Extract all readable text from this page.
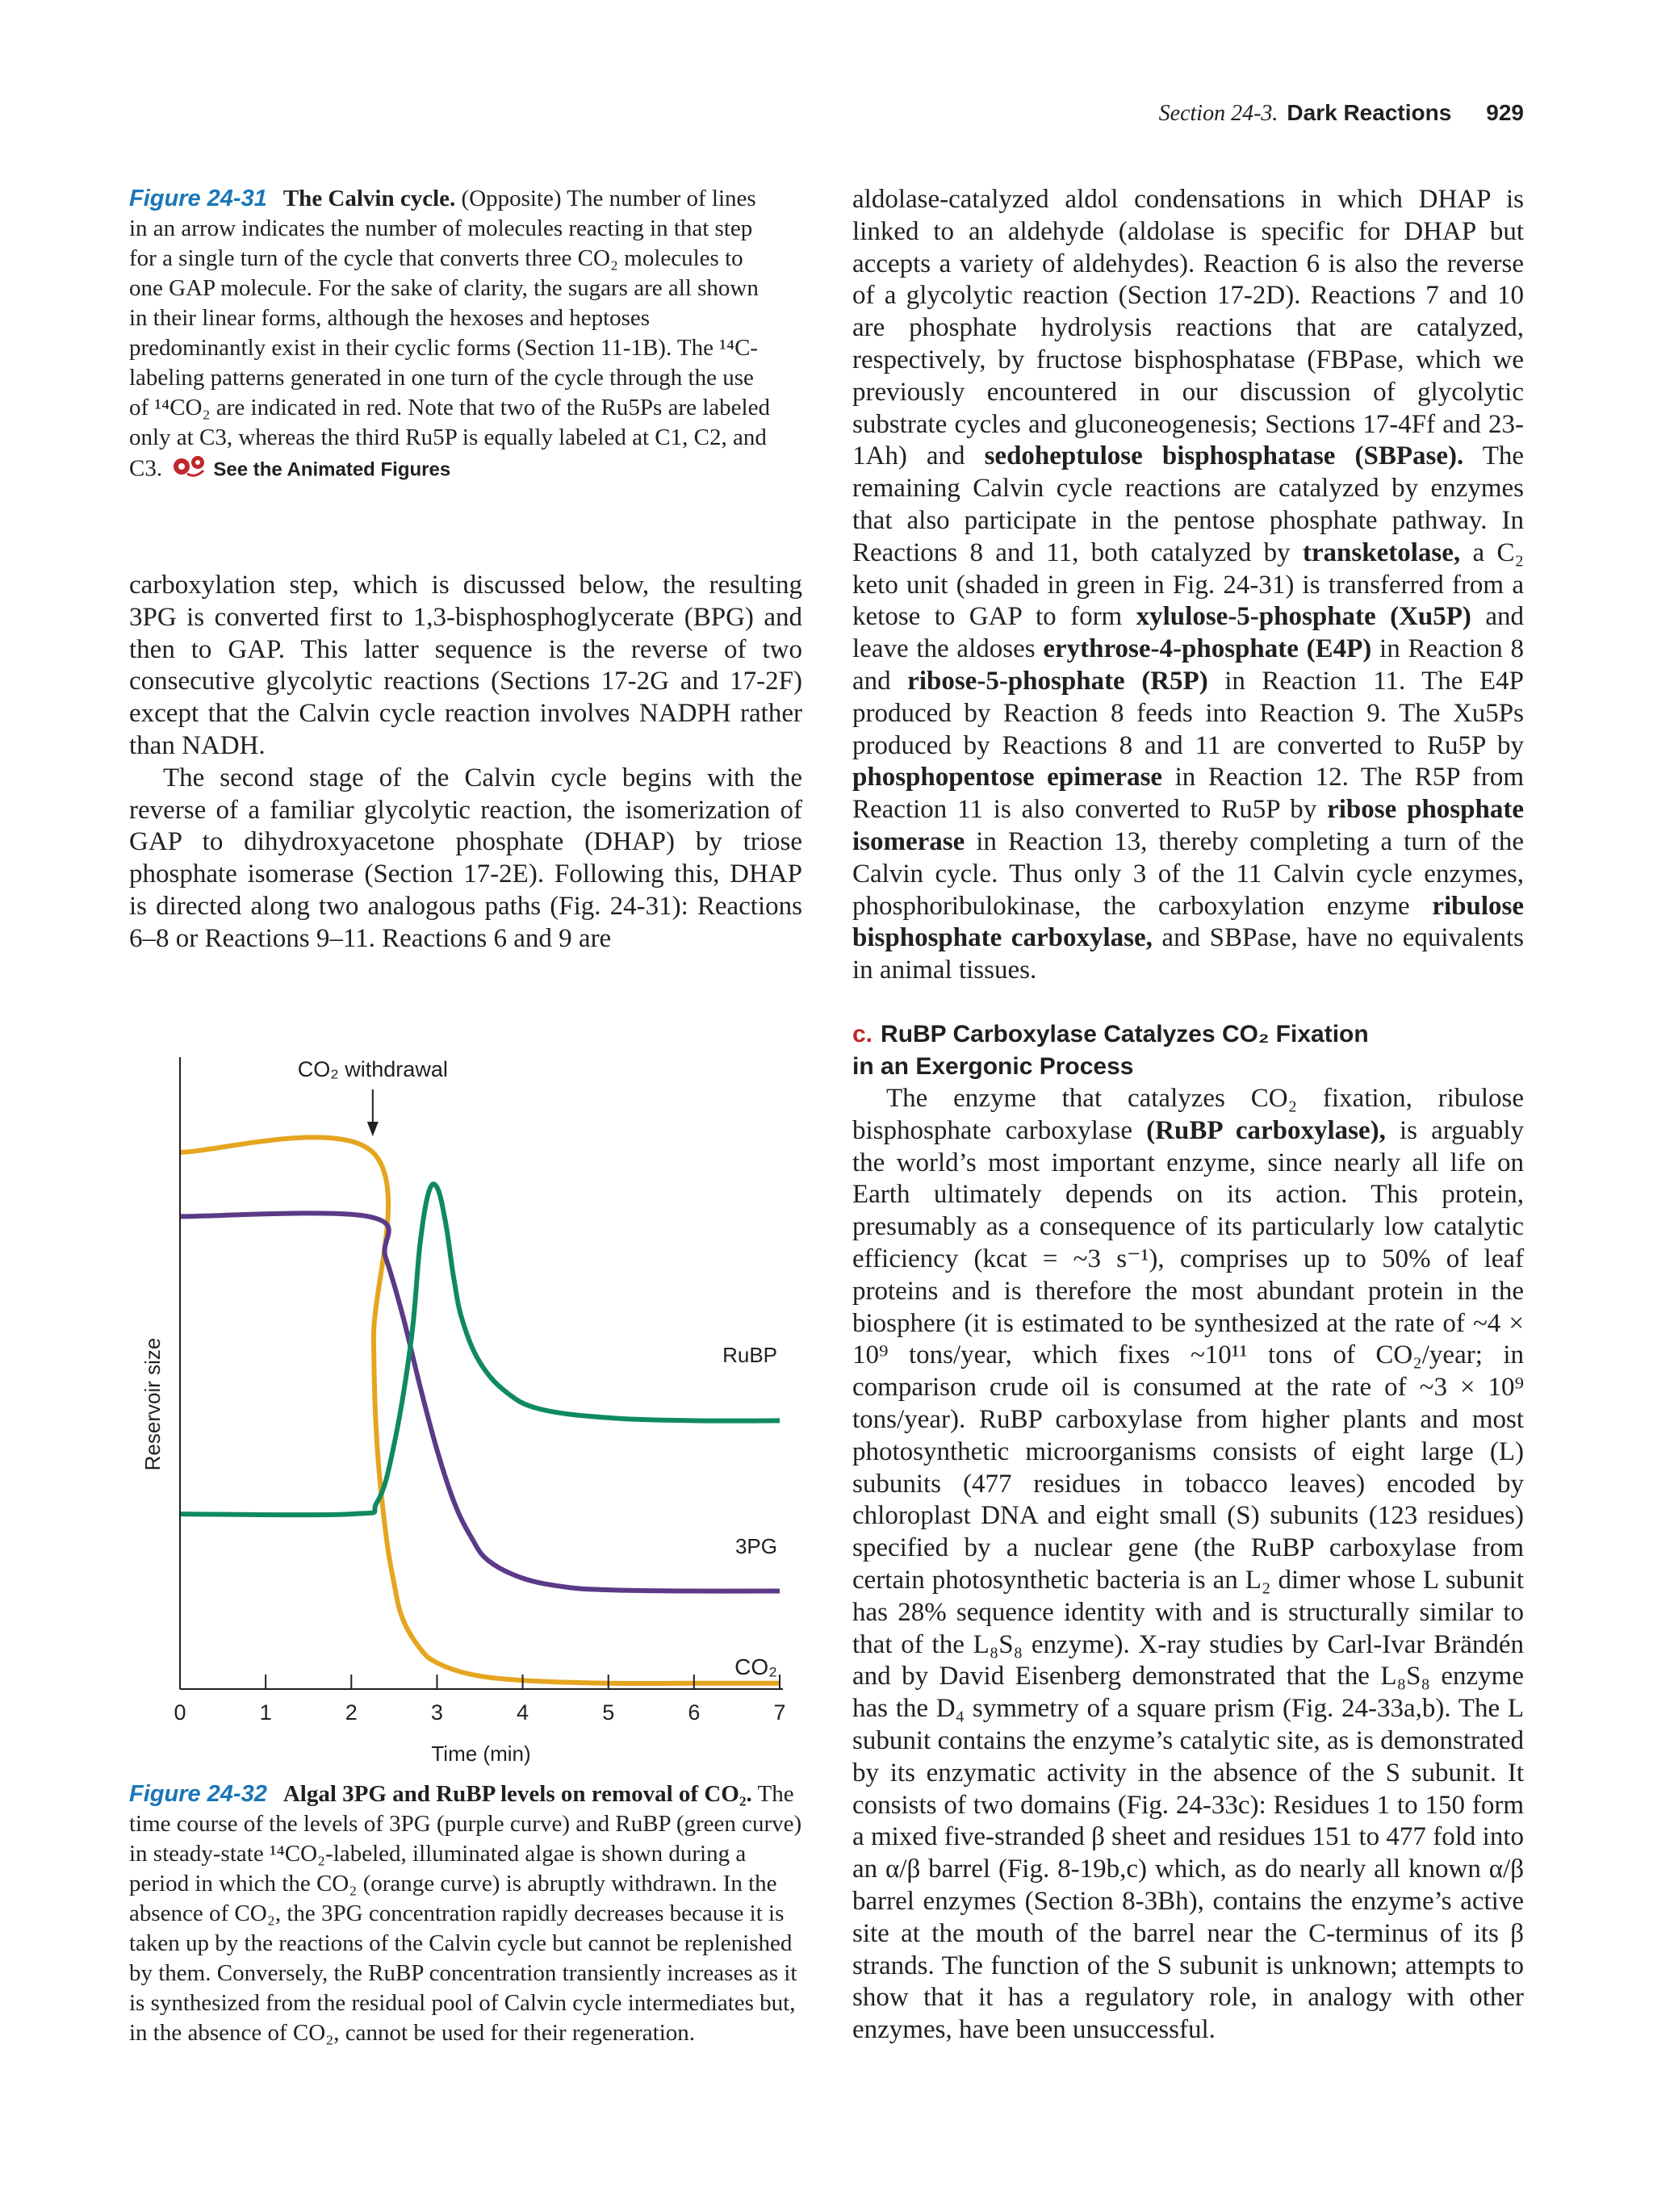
Section 24-3. Dark Reactions 929
Figure 24-31 The Calvin cycle. (Opposite) The number of lines in an arrow indicates the number of molecules reacting in that step for a single turn of the cycle that converts three CO₂ molecules to one GAP molecule. For the sake of clarity, the sugars are all shown in their linear forms, although the hexoses and heptoses predominantly exist in their cyclic forms (Section 11-1B). The ¹⁴C-labeling patterns generated in one turn of the cycle through the use of ¹⁴CO₂ are indicated in red. Note that two of the Ru5Ps are labeled only at C3, whereas the third Ru5P is equally labeled at C1, C2, and C3.	See the Animated Figures

carboxylation step, which is discussed below, the resulting 3PG is converted first to 1,3-bisphosphoglycerate (BPG) and then to GAP. This latter sequence is the reverse of two consecutive glycolytic reactions (Sections 17-2G and 17-2F) except that the Calvin cycle reaction involves NADPH rather than NADH.

The second stage of the Calvin cycle begins with the reverse of a familiar glycolytic reaction, the isomerization of GAP to dihydroxyacetone phosphate (DHAP) by triose phosphate isomerase (Section 17-2E). Following this, DHAP is directed along two analogous paths (Fig. 24-31): Reactions 6–8 or Reactions 9–11. Reactions 6 and 9 are

aldolase-catalyzed aldol condensations in which DHAP is linked to an aldehyde (aldolase is specific for DHAP but accepts a variety of aldehydes). Reaction 6 is also the reverse of a glycolytic reaction (Section 17-2D). Reactions 7 and 10 are phosphate hydrolysis reactions that are catalyzed, respectively, by fructose bisphosphatase (FBPase, which we previously encountered in our discussion of glycolytic substrate cycles and gluconeogenesis; Sections 17-4Ff and 23-1Ah) and sedoheptulose bisphosphatase (SBPase). The remaining Calvin cycle reactions are catalyzed by enzymes that also participate in the pentose phosphate pathway. In Reactions 8 and 11, both catalyzed by transketolase, a C₂ keto unit (shaded in green in Fig. 24-31) is transferred from a ketose to GAP to form xylulose-5-phosphate (Xu5P) and leave the aldoses erythrose-4-phosphate (E4P) in Reaction 8 and ribose-5-phosphate (R5P) in Reaction 11. The E4P produced by Reaction 8 feeds into Reaction 9. The Xu5Ps produced by Reactions 8 and 11 are converted to Ru5P by phosphopentose epimerase in Reaction 12. The R5P from Reaction 11 is also converted to Ru5P by ribose phosphate isomerase in Reaction 13, thereby completing a turn of the Calvin cycle. Thus only 3 of the 11 Calvin cycle enzymes, phosphoribulokinase, the carboxylation enzyme ribulose bisphosphate carboxylase, and SBPase, have no equivalents in animal tissues.

c. RuBP Carboxylase Catalyzes CO₂ Fixation
in an Exergonic Process

The enzyme that catalyzes CO₂ fixation, ribulose bisphosphate carboxylase (RuBP carboxylase), is arguably the world’s most important enzyme, since nearly all life on Earth ultimately depends on its action. This protein, presumably as a consequence of its particularly low catalytic efficiency (kcat = ~3 s⁻¹), comprises up to 50% of leaf proteins and is therefore the most abundant protein in the biosphere (it is estimated to be synthesized at the rate of ~4 × 10⁹ tons/year, which fixes ~10¹¹ tons of CO₂/year; in comparison crude oil is consumed at the rate of ~3 × 10⁹ tons/year). RuBP carboxylase from higher plants and most photosynthetic microorganisms consists of eight large (L) subunits (477 residues in tobacco leaves) encoded by chloroplast DNA and eight small (S) subunits (123 residues) specified by a nuclear gene (the RuBP carboxylase from certain photosynthetic bacteria is an L₂ dimer whose L subunit has 28% sequence identity with and is structurally similar to that of the L₈S₈ enzyme). X-ray studies by Carl-Ivar Brändén and by David Eisenberg demonstrated that the L₈S₈ enzyme has the D₄ symmetry of a square prism (Fig. 24-33a,b). The L subunit contains the enzyme’s catalytic site, as is demonstrated by its enzymatic activity in the absence of the S subunit. It consists of two domains (Fig. 24-33c): Residues 1 to 150 form a mixed five-stranded β sheet and residues 151 to 477 fold into an α/β barrel (Fig. 8-19b,c) which, as do nearly all known α/β barrel enzymes (Section 8-3Bh), contains the enzyme’s active site at the mouth of the barrel near the C-terminus of its β strands. The function of the S subunit is unknown; attempts to show that it has a regulatory role, in analogy with other enzymes, have been unsuccessful.

0	1	2	3	4	5	6	7
Reservoir size
Time (min)
CO₂ withdrawal
RuBP
3PG
CO₂
Figure 24-32 Algal 3PG and RuBP levels on removal of CO₂. The time course of the levels of 3PG (purple curve) and RuBP (green curve) in steady-state ¹⁴CO₂-labeled, illuminated algae is shown during a period in which the CO₂ (orange curve) is abruptly withdrawn. In the absence of CO₂, the 3PG concentration rapidly decreases because it is taken up by the reactions of the Calvin cycle but cannot be replenished by them. Conversely, the RuBP concentration transiently increases as it is synthesized from the residual pool of Calvin cycle intermediates but, in the absence of CO₂, cannot be used for their regeneration.
